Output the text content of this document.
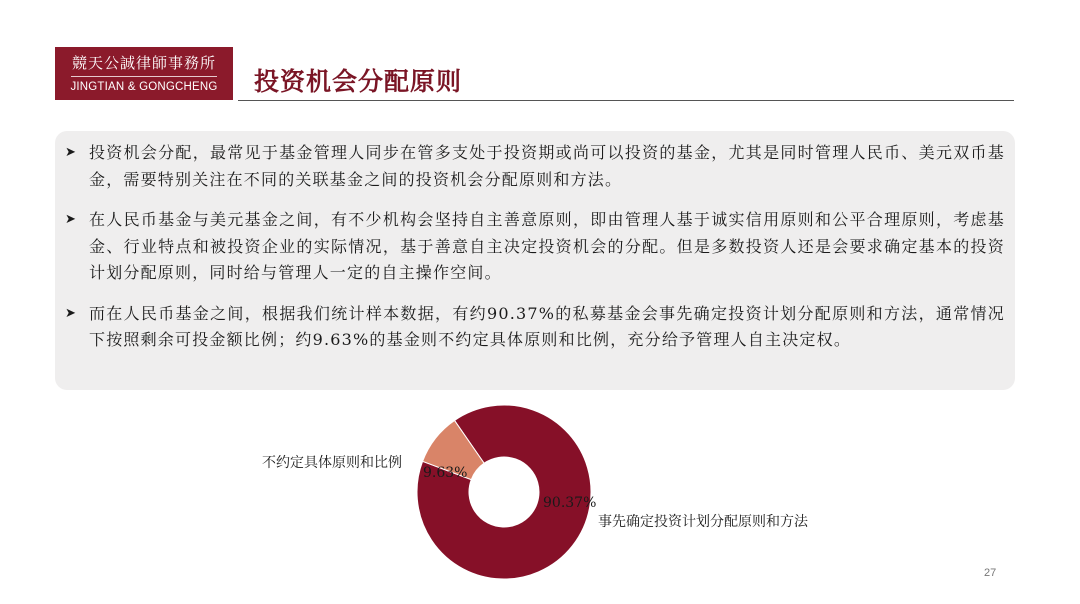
競天公誠律師事務所
JINGTIAN & GONGCHENG	投资机会分配原则
➤ 投资机会分配，最常见于基金管理人同步在管多支处于投资期或尚可以投资的基金，尤其是同时管理人民币、美元双币基金，需要特别关注在不同的关联基金之间的投资机会分配原则和方法。
➤ 在人民币基金与美元基金之间，有不少机构会坚持自主善意原则，即由管理人基于诚实信用原则和公平合理原则，考虑基金、行业特点和被投资企业的实际情况，基于善意自主决定投资机会的分配。但是多数投资人还是会要求确定基本的投资计划分配原则，同时给与管理人一定的自主操作空间。
➤ 而在人民币基金之间，根据我们统计样本数据，有约90.37%的私募基金会事先确定投资计划分配原则和方法，通常情况下按照剩余可投金额比例；约9.63%的基金则不约定具体原则和比例，充分给予管理人自主决定权。
90.37%
9.63%
事先确定投资计划分配原则和方法
不约定具体原则和比例
27
